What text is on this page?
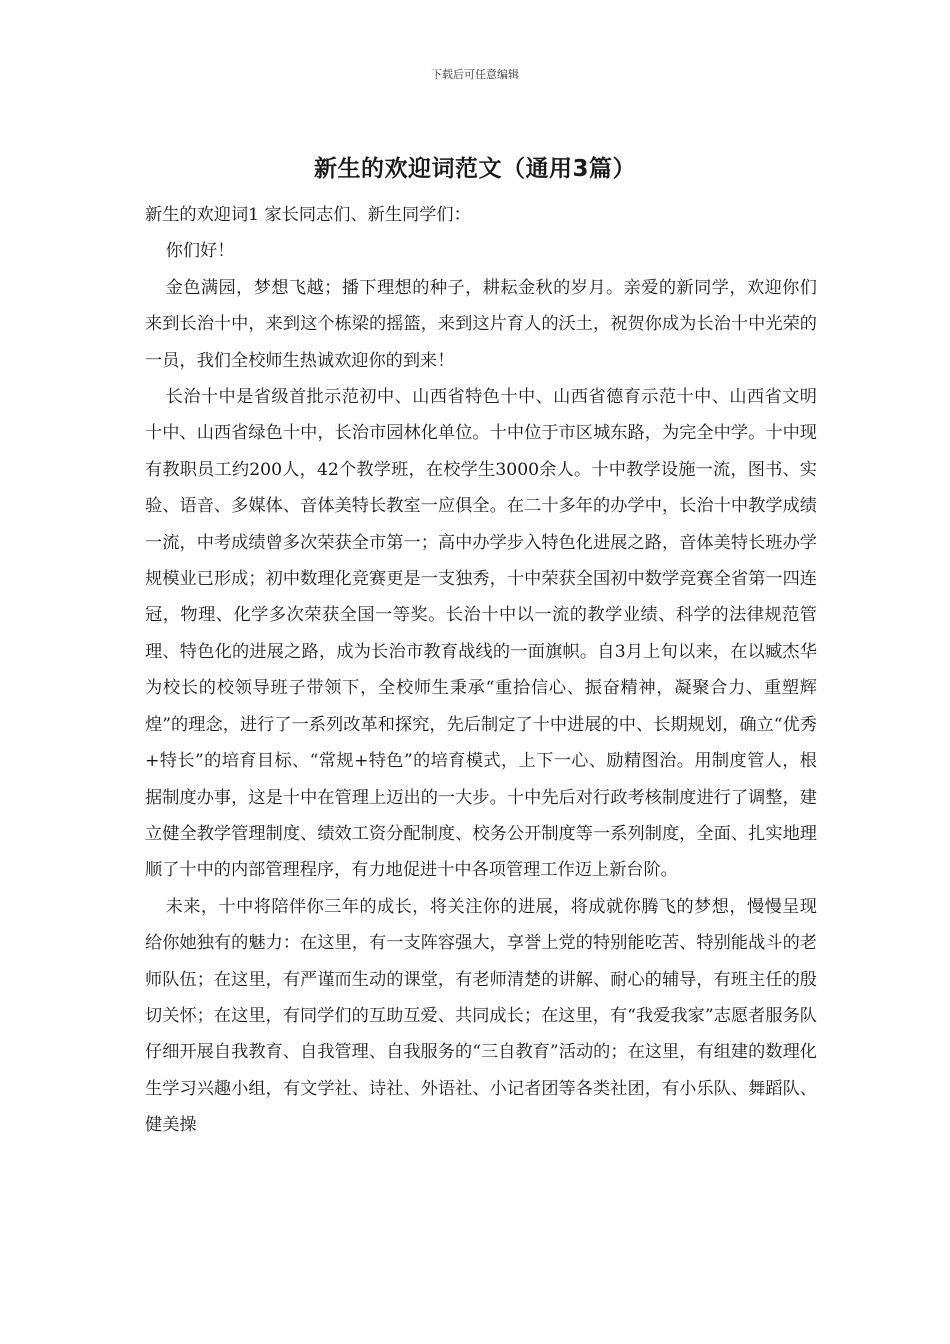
下载后可任意编辑
新生的欢迎词范文（通用3篇）

新生的欢迎词1 家长同志们、新生同学们：

你们好！

金色满园，梦想飞越；播下理想的种子，耕耘金秋的岁月。亲爱的新同学，欢迎你们来到长治十中，来到这个栋梁的摇篮，来到这片育人的沃土，祝贺你成为长治十中光荣的一员，我们全校师生热诚欢迎你的到来！

长治十中是省级首批示范初中、山西省特色十中、山西省德育示范十中、山西省文明十中、山西省绿色十中，长治市园林化单位。十中位于市区城东路，为完全中学。十中现有教职员工约200人，42个教学班，在校学生3000余人。十中教学设施一流，图书、实验、语音、多媒体、音体美特长教室一应俱全。在二十多年的办学中，长治十中教学成绩一流，中考成绩曾多次荣获全市第一；高中办学步入特色化进展之路，音体美特长班办学规模业已形成；初中数理化竞赛更是一支独秀，十中荣获全国初中数学竞赛全省第一四连冠，物理、化学多次荣获全国一等奖。长治十中以一流的教学业绩、科学的法律规范管理、特色化的进展之路，成为长治市教育战线的一面旗帜。自3月上旬以来，在以臧杰华为校长的校领导班子带领下，全校师生秉承“重拾信心、振奋精神，凝聚合力、重塑辉煌”的理念，进行了一系列改革和探究，先后制定了十中进展的中、长期规划，确立“优秀+特长”的培育目标、“常规+特色”的培育模式，上下一心、励精图治。用制度管人，根据制度办事，这是十中在管理上迈出的一大步。十中先后对行政考核制度进行了调整，建立健全教学管理制度、绩效工资分配制度、校务公开制度等一系列制度，全面、扎实地理顺了十中的内部管理程序，有力地促进十中各项管理工作迈上新台阶。

未来，十中将陪伴你三年的成长，将关注你的进展，将成就你腾飞的梦想，慢慢呈现给你她独有的魅力：在这里，有一支阵容强大，享誉上党的特别能吃苦、特别能战斗的老师队伍；在这里，有严谨而生动的课堂，有老师清楚的讲解、耐心的辅导，有班主任的殷切关怀；在这里，有同学们的互助互爱、共同成长；在这里，有“我爱我家”志愿者服务队仔细开展自我教育、自我管理、自我服务的“三自教育”活动的；在这里，有组建的数理化生学习兴趣小组，有文学社、诗社、外语社、小记者团等各类社团，有小乐队、舞蹈队、健美操
